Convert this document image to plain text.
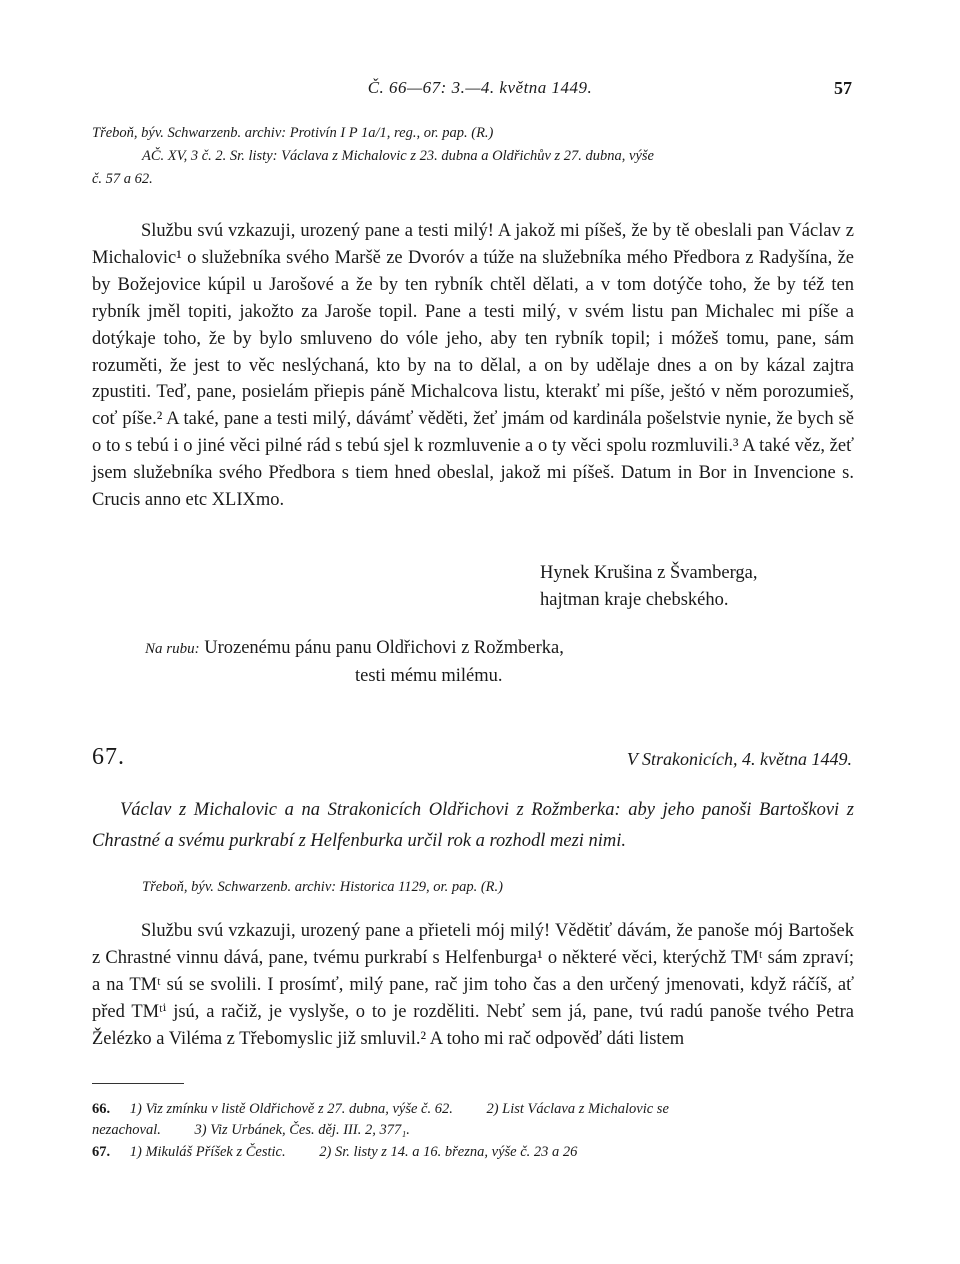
Č. 66—67: 3.—4. května 1449.	57
Třeboň, býv. Schwarzenb. archiv: Protivín I P 1a/1, reg., or. pap. (R.)
AČ. XV, 3 č. 2. Sr. listy: Václava z Michalovic z 23. dubna a Oldřichův z 27. dubna, výše
č. 57 a 62.

Službu svú vzkazuji, urozený pane a testi milý! A jakož mi píšeš, že by tě obeslali pan Václav z Michalovic¹ o služebníka svého Maršě ze Dvoróv a túže na služebníka mého Předbora z Radyšína, že by Božejovice kúpil u Jarošové a že by ten rybník chtěl dělati, a v tom dotýče toho, že by též ten rybník jměl topiti, jakožto za Jaroše topil. Pane a testi milý, v svém listu pan Michalec mi píše a dotýkaje toho, že by bylo smluveno do vóle jeho, aby ten rybník topil; i móžeš tomu, pane, sám rozuměti, že jest to věc neslýchaná, kto by na to dělal, a on by udělaje dnes a on by kázal zajtra zpustiti. Teď, pane, posielám přiepis páně Michalcova listu, kterakť mi píše, ještó v něm porozumieš, coť píše.² A také, pane a testi milý, dávámť věděti, žeť jmám od kardinála pošelstvie nynie, že bych sě o to s tebú i o jiné věci pilné rád s tebú sjel k rozmluvenie a o ty věci spolu rozmluvili.³ A také věz, žeť jsem služebníka svého Předbora s tiem hned obeslal, jakož mi píšeš. Datum in Bor in Invencione s. Crucis anno etc XLIXmo.

Hynek Krušina z Švamberga,
hajtman kraje chebského.
Na rubu: Urozenému pánu panu Oldřichovi z Rožmberka,
testi mému milému.
67.	V Strakonicích, 4. května 1449.

Václav z Michalovic a na Strakonicích Oldřichovi z Rožmberka: aby jeho panoši Bartoškovi z Chrastné a svému purkrabí z Helfenburka určil rok a rozhodl mezi nimi.

Třeboň, býv. Schwarzenb. archiv: Historica 1129, or. pap. (R.)

Službu svú vzkazuji, urozený pane a přieteli mój milý! Vědětiť dávám, že panoše mój Bartošek z Chrastné vinnu dává, pane, tvému purkrabí s Helfenburga¹ o některé věci, kterýchž TMᵗ sám zpraví; a na TMᵗ sú se svolili. I prosímť, milý pane, rač jim toho čas a den určený jmenovati, když ráčíš, ať před TMᵗⁱ jsú, a račiž, je vyslyše, o to je rozděliti. Nebť sem já, pane, tvú radú panoše tvého Petra Želézko a Viléma z Třebomyslic již smluvil.² A toho mi rač odpověď dáti listem

66. 1) Viz zmínku v listě Oldřichově z 27. dubna, výše č. 62. 2) List Václava z Michalovic se
nezachoval. 3) Viz Urbánek, Čes. děj. III. 2, 377₁.
67. 1) Mikuláš Příšek z Čestic. 2) Sr. listy z 14. a 16. března, výše č. 23 a 26
